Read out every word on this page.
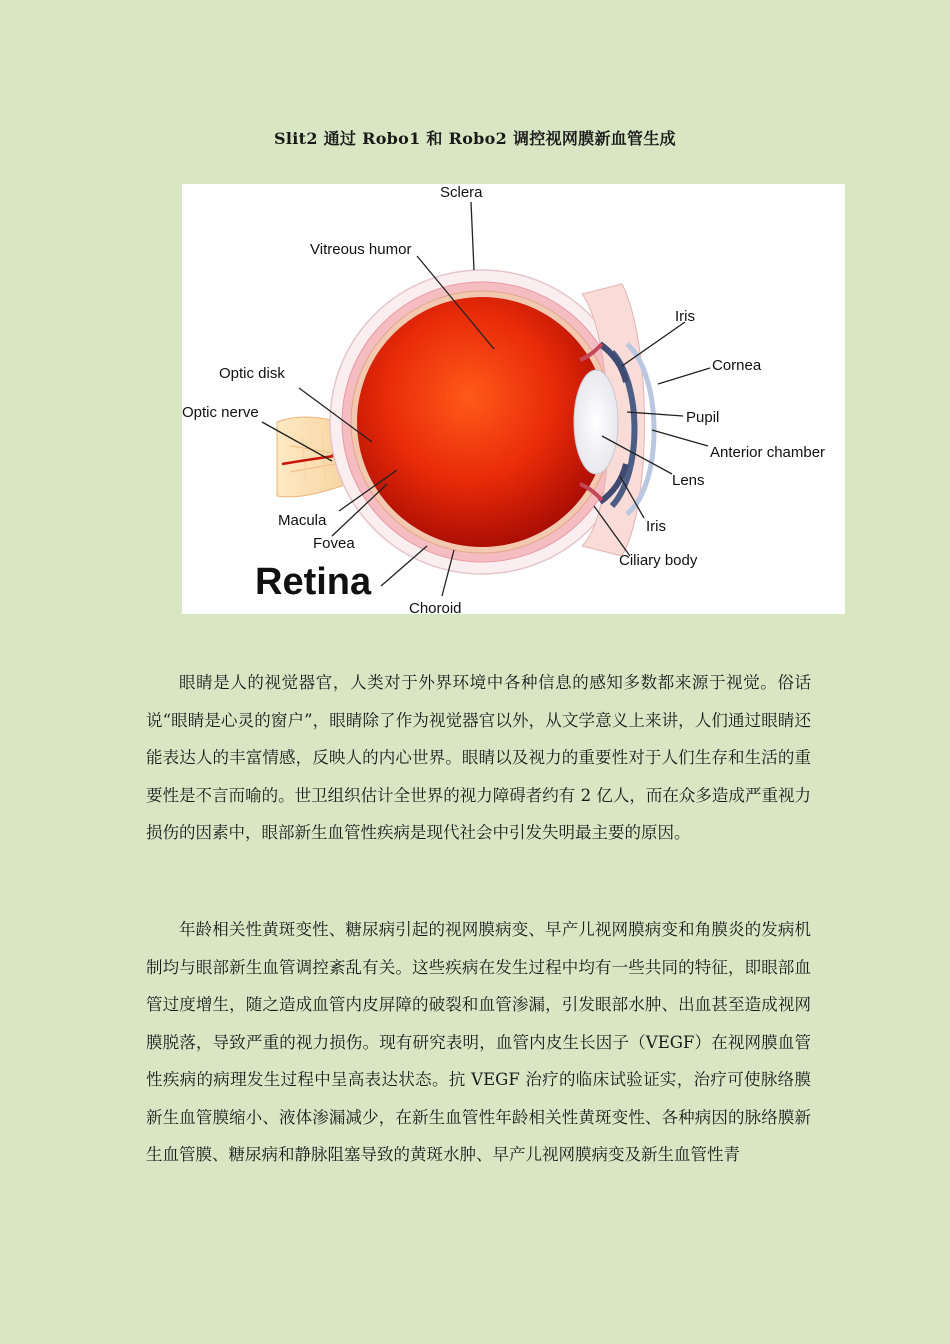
Slit2 通过 Robo1 和 Robo2 调控视网膜新血管生成
Sclera
Vitreous humor
Iris
Cornea
Optic disk
Optic nerve	Pupil
Anterior chamber
Lens
Iris
Macula
Fovea
Ciliary body
Retina
Choroid

眼睛是人的视觉器官，人类对于外界环境中各种信息的感知多数都来源于视觉。俗话说“眼睛是心灵的窗户”，眼睛除了作为视觉器官以外，从文学意义上来讲，人们通过眼睛还能表达人的丰富情感，反映人的内心世界。眼睛以及视力的重要性对于人们生存和生活的重要性是不言而喻的。世卫组织估计全世界的视力障碍者约有 2 亿人，而在众多造成严重视力损伤的因素中，眼部新生血管性疾病是现代社会中引发失明最主要的原因。

年龄相关性黄斑变性、糖尿病引起的视网膜病变、早产儿视网膜病变和角膜炎的发病机制均与眼部新生血管调控紊乱有关。这些疾病在发生过程中均有一些共同的特征，即眼部血管过度增生，随之造成血管内皮屏障的破裂和血管渗漏，引发眼部水肿、出血甚至造成视网膜脱落，导致严重的视力损伤。现有研究表明，血管内皮生长因子（VEGF）在视网膜血管性疾病的病理发生过程中呈高表达状态。抗 VEGF 治疗的临床试验证实，治疗可使脉络膜新生血管膜缩小、液体渗漏减少，在新生血管性年龄相关性黄斑变性、各种病因的脉络膜新生血管膜、糖尿病和静脉阻塞导致的黄斑水肿、早产儿视网膜病变及新生血管性青
